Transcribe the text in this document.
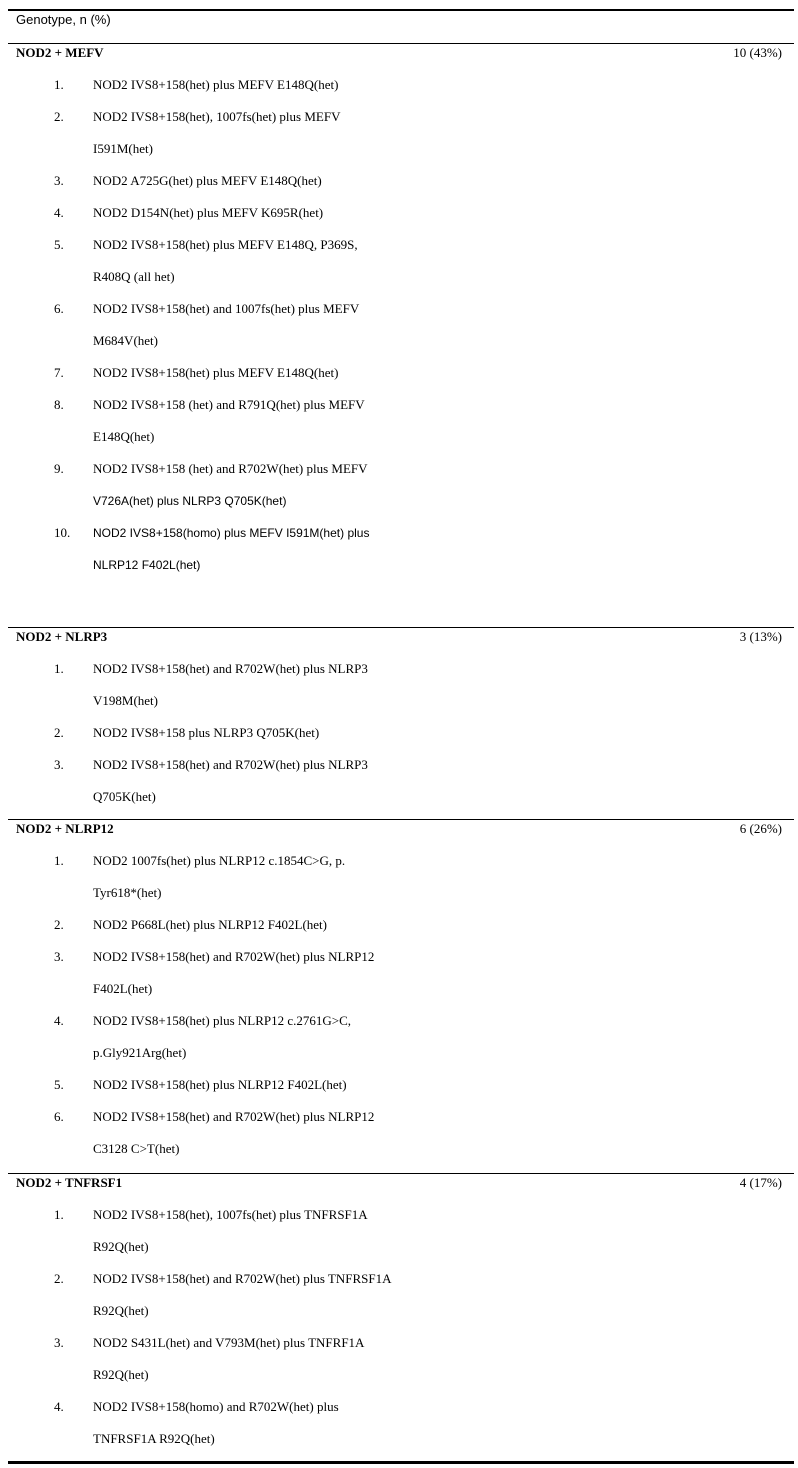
Genotype, n (%)
NOD2 + MEFV	10 (43%)
1. NOD2 IVS8+158(het) plus MEFV E148Q(het)
2. NOD2 IVS8+158(het), 1007fs(het) plus MEFV
I591M(het)
3. NOD2 A725G(het) plus MEFV E148Q(het)
4. NOD2 D154N(het) plus MEFV K695R(het)
5. NOD2 IVS8+158(het) plus MEFV E148Q, P369S,
R408Q (all het)
6. NOD2 IVS8+158(het) and 1007fs(het) plus MEFV
M684V(het)
7. NOD2 IVS8+158(het) plus MEFV E148Q(het)
8. NOD2 IVS8+158 (het) and R791Q(het) plus MEFV
E148Q(het)
9. NOD2 IVS8+158 (het) and R702W(het) plus MEFV
V726A(het) plus NLRP3 Q705K(het)
10. NOD2 IVS8+158(homo) plus MEFV I591M(het) plus
NLRP12 F402L(het)
NOD2 + NLRP3	3 (13%)
1. NOD2 IVS8+158(het) and R702W(het) plus NLRP3
V198M(het)
2. NOD2 IVS8+158 plus NLRP3 Q705K(het)
3. NOD2 IVS8+158(het) and R702W(het) plus NLRP3
Q705K(het)
NOD2 + NLRP12	6 (26%)
1. NOD2 1007fs(het) plus NLRP12 c.1854C>G, p.
Tyr618*(het)
2. NOD2 P668L(het) plus NLRP12 F402L(het)
3. NOD2 IVS8+158(het) and R702W(het) plus NLRP12
F402L(het)
4. NOD2 IVS8+158(het) plus NLRP12 c.2761G>C,
p.Gly921Arg(het)
5. NOD2 IVS8+158(het) plus NLRP12 F402L(het)
6. NOD2 IVS8+158(het) and R702W(het) plus NLRP12
C3128 C>T(het)
NOD2 + TNFRSF1	4 (17%)
1. NOD2 IVS8+158(het), 1007fs(het) plus TNFRSF1A
R92Q(het)
2. NOD2 IVS8+158(het) and R702W(het) plus TNFRSF1A
R92Q(het)
3. NOD2 S431L(het) and V793M(het) plus TNFRF1A
R92Q(het)
4. NOD2 IVS8+158(homo) and R702W(het) plus
TNFRSF1A R92Q(het)
